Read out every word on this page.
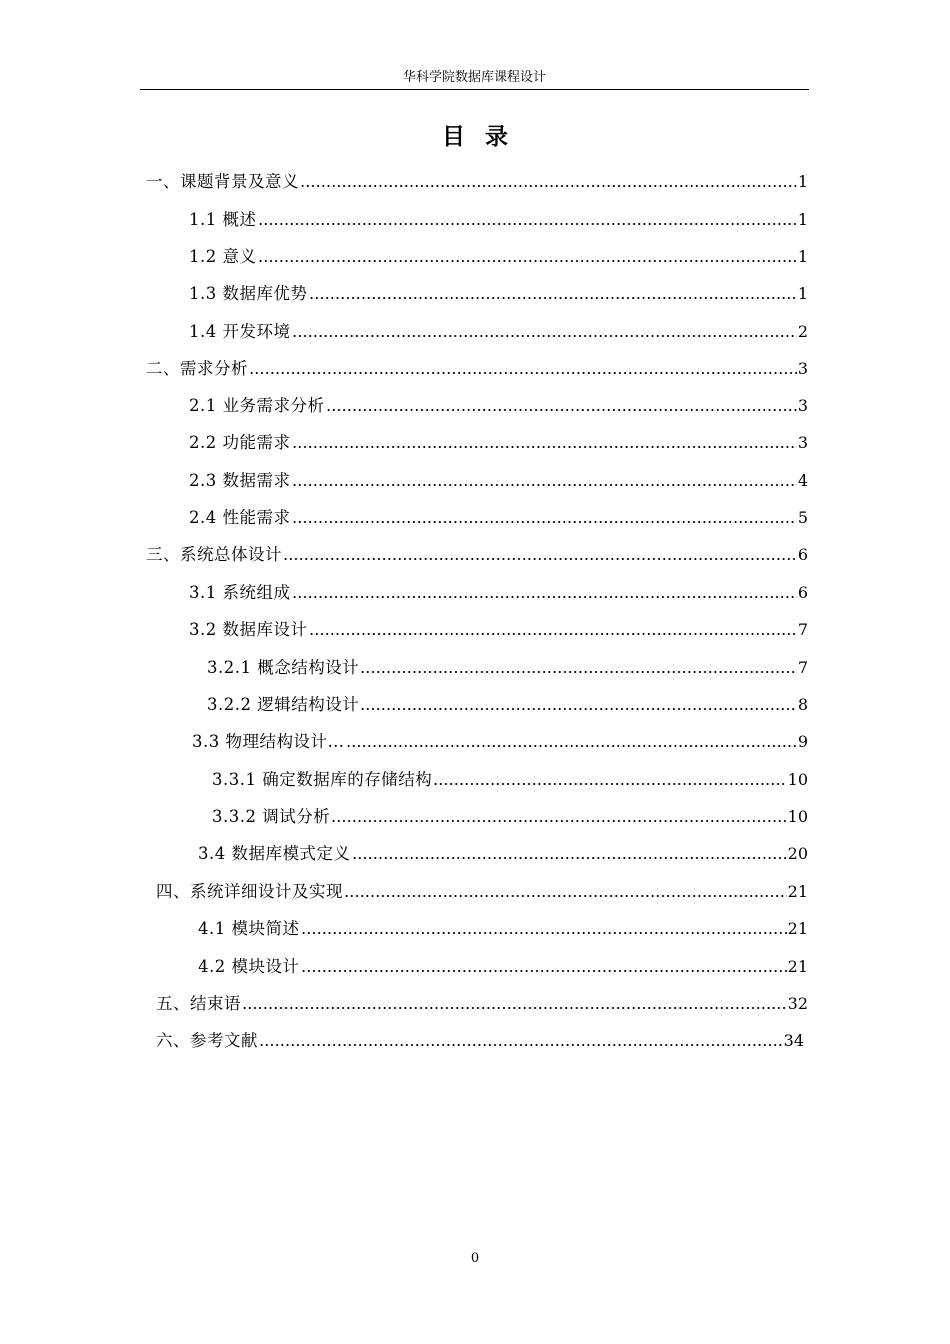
华科学院数据库课程设计
目录
一、课题背景及意义	1
1.1 概述	1
1.2 意义	1
1.3 数据库优势	1
1.4 开发环境	2
二、需求分析	3
2.1 业务需求分析	3
2.2 功能需求	3
2.3 数据需求	4
2.4 性能需求	5
三、系统总体设计	6
3.1 系统组成	6
3.2 数据库设计	7
3.2.1 概念结构设计	7
3.2.2 逻辑结构设计	8
3.3 物理结构设计…	9
3.3.1 确定数据库的存储结构	10
3.3.2 调试分析	10
3.4 数据库模式定义	20
四、系统详细设计及实现	21
4.1 模块简述	21
4.2 模块设计	21
五、结束语	32
六、参考文献	34
0
